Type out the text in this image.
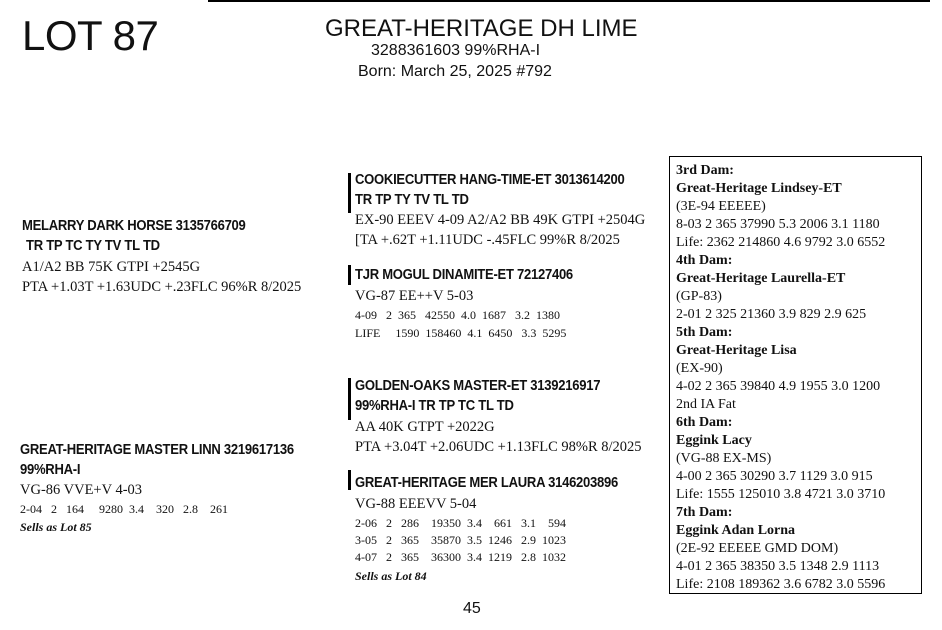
LOT 87	GREAT-HERITAGE DH LIME
3288361603 99%RHA-I
Born: March 25, 2025 #792
MELARRY DARK HORSE 3135766709
TR TP TC TY TV TL TD
A1/A2 BB 75K GTPI +2545G
PTA +1.03T +1.63UDC +.23FLC 96%R 8/2025
COOKIECUTTER HANG-TIME-ET 3013614200
TR TP TY TV TL TD
EX-90 EEEV 4-09 A2/A2 BB 49K GTPI +2504G
[TA +.62T +1.11UDC -.45FLC 99%R 8/2025
TJR MOGUL DINAMITE-ET 72127406
VG-87 EE++V 5-03
4-09   2  365   42550  4.0  1687   3.2  1380
LIFE     1590  158460  4.1  6450   3.3  5295
GREAT-HERITAGE MASTER LINN 3219617136
99%RHA-I
VG-86 VVE+V 4-03
2-04   2   164     9280  3.4    320   2.8    261
Sells as Lot 85
GOLDEN-OAKS MASTER-ET 3139216917
99%RHA-I TR TP TC TL TD
AA 40K GTPT +2022G
PTA +3.04T +2.06UDC +1.13FLC 98%R 8/2025
GREAT-HERITAGE MER LAURA 3146203896
VG-88 EEEVV 5-04
2-06   2   286    19350  3.4    661   3.1    594
3-05   2   365    35870  3.5  1246   2.9  1023
4-07   2   365    36300  3.4  1219   2.8  1032
Sells as Lot 84
3rd Dam:
Great-Heritage Lindsey-ET
(3E-94 EEEEE)
8-03 2 365 37990 5.3 2006 3.1 1180
Life: 2362 214860 4.6 9792 3.0 6552
4th Dam:
Great-Heritage Laurella-ET
(GP-83)
2-01 2 325 21360 3.9 829 2.9 625
5th Dam:
Great-Heritage Lisa
(EX-90)
4-02 2 365 39840 4.9 1955 3.0 1200
2nd IA Fat
6th Dam:
Eggink Lacy
(VG-88 EX-MS)
4-00 2 365 30290 3.7 1129 3.0 915
Life: 1555 125010 3.8 4721 3.0 3710
7th Dam:
Eggink Adan Lorna
(2E-92 EEEEE GMD DOM)
4-01 2 365 38350 3.5 1348 2.9 1113
Life: 2108 189362 3.6 6782 3.0 5596
45
